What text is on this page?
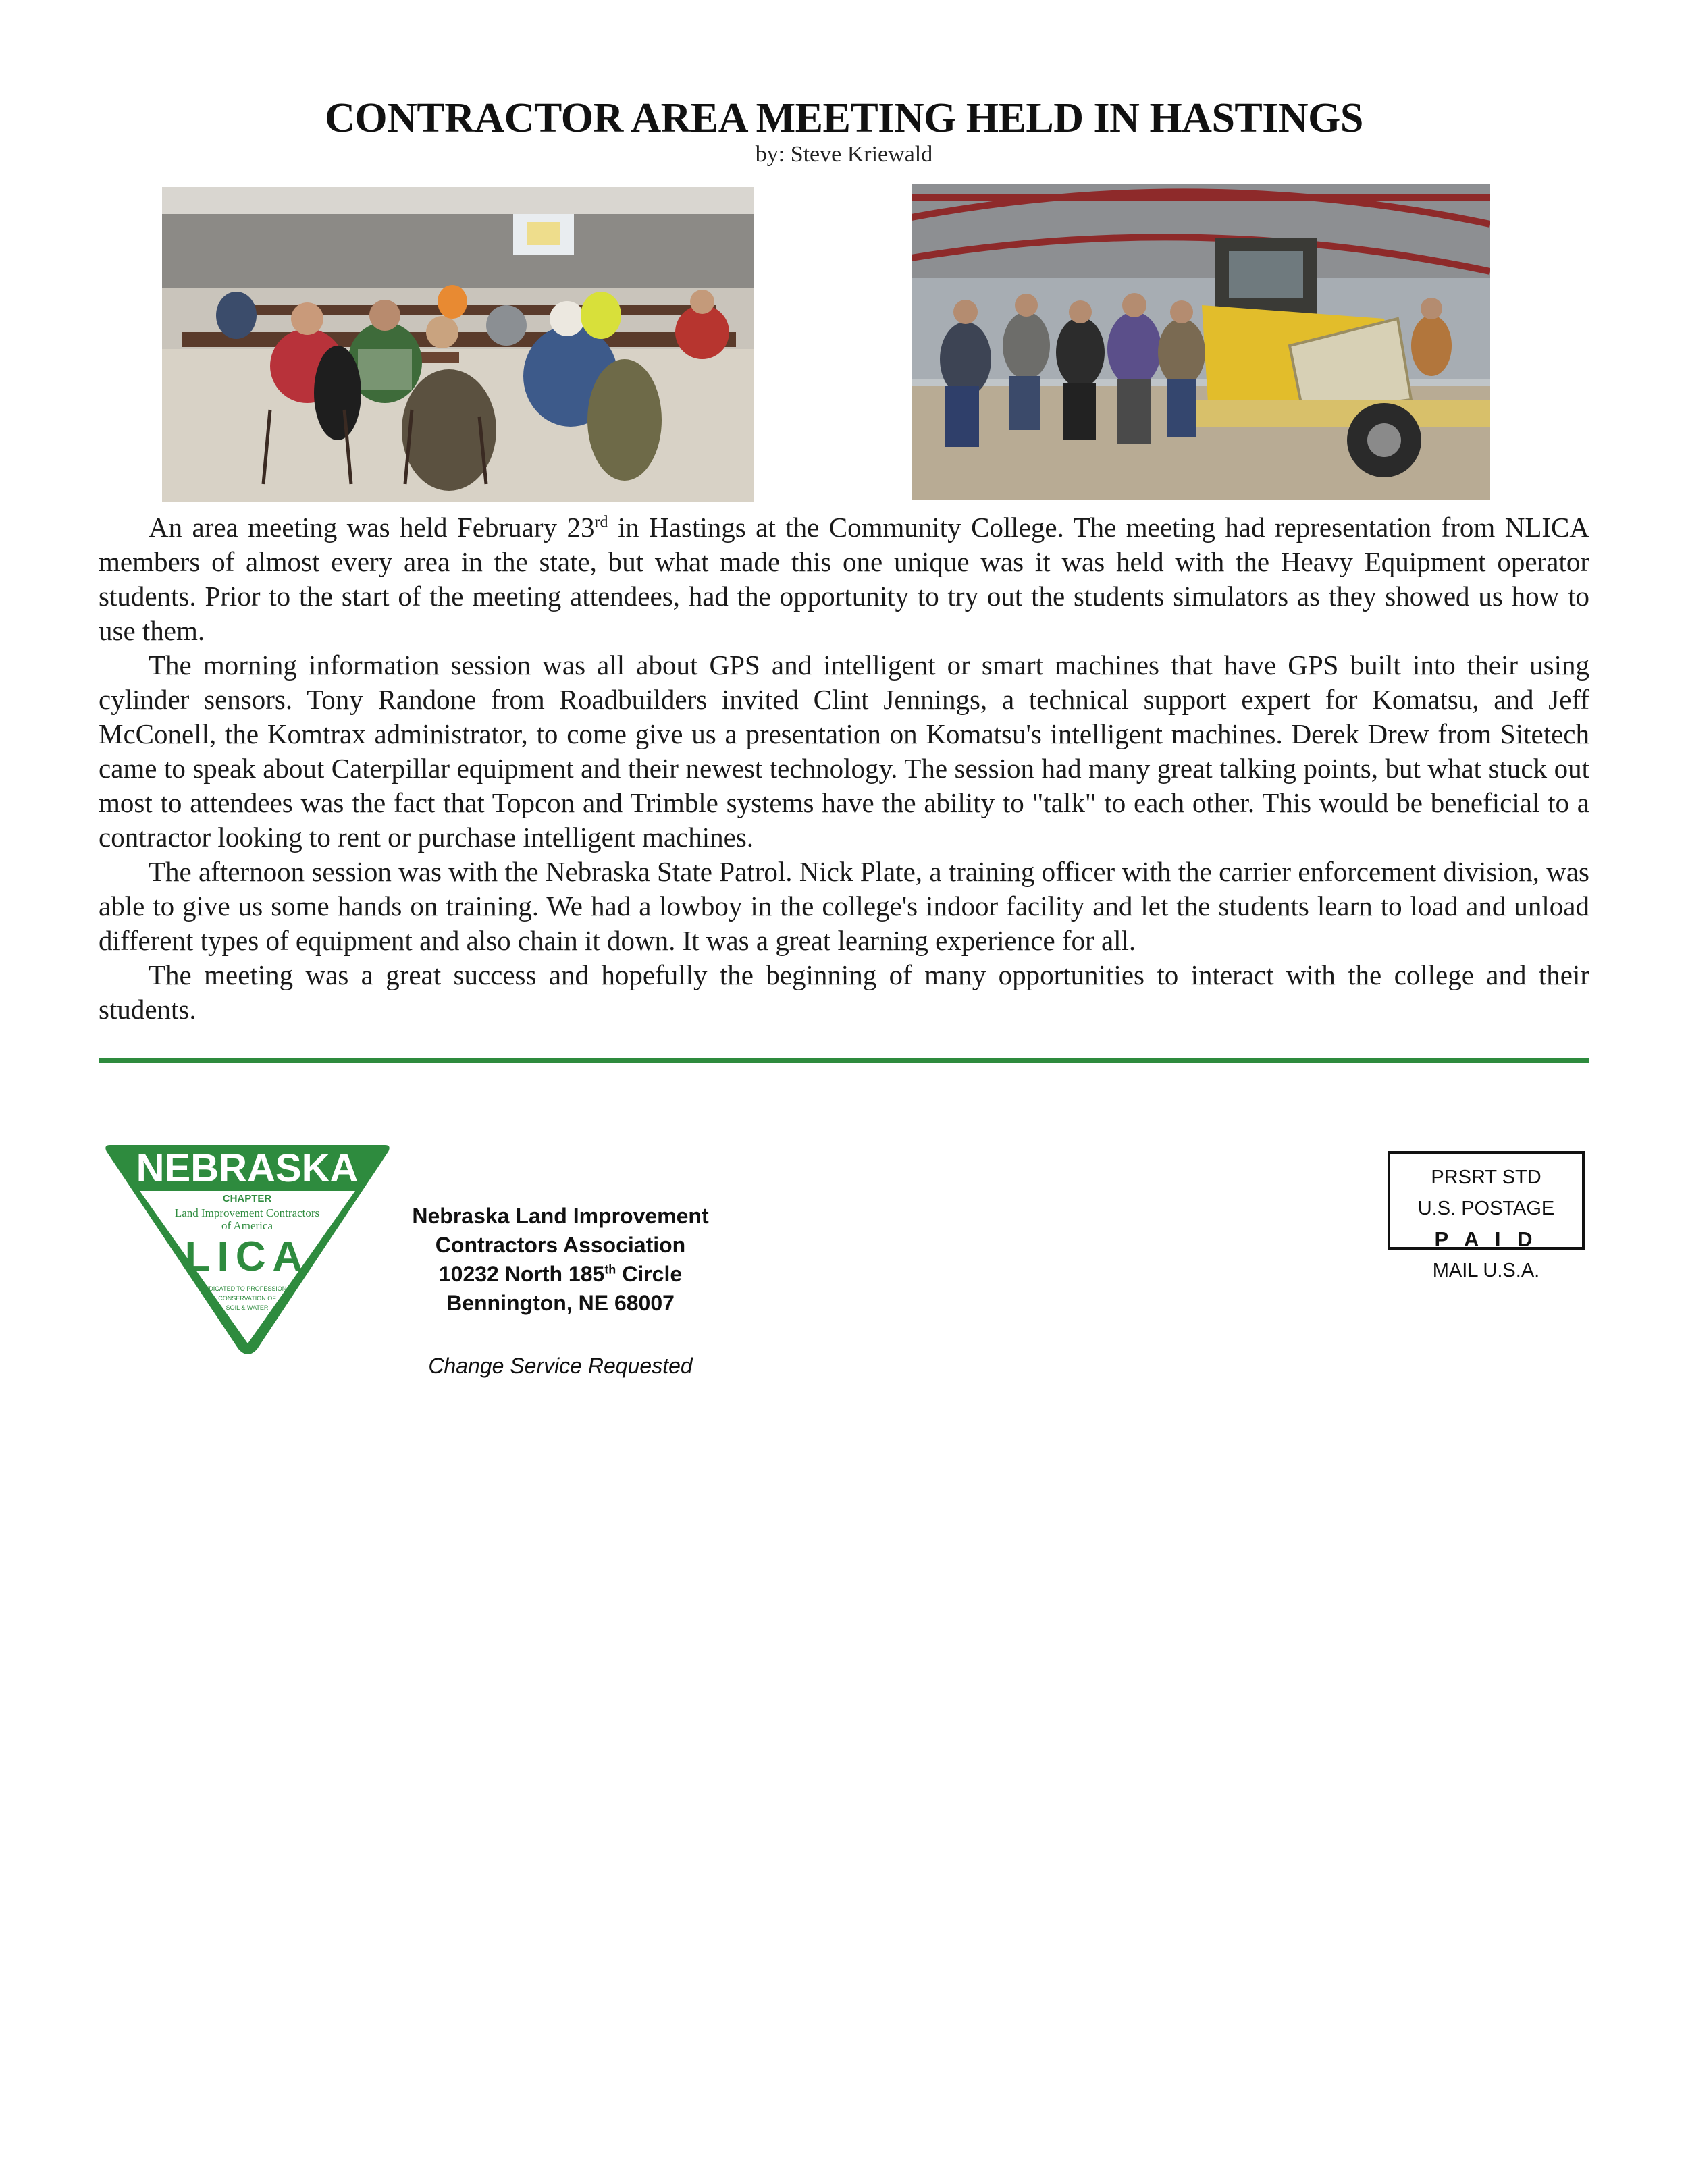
CONTRACTOR AREA MEETING HELD IN HASTINGS
by: Steve Kriewald

An area meeting was held February 23rd in Hastings at the Community College. The meeting had representation from NLICA members of almost every area in the state, but what made this one unique was it was held with the Heavy Equipment operator students. Prior to the start of the meeting attendees, had the opportunity to try out the students simulators as they showed us how to use them.

The morning information session was all about GPS and intelligent or smart machines that have GPS built into their using cylinder sensors. Tony Randone from Roadbuilders invited Clint Jennings, a technical support expert for Komatsu, and Jeff McConell, the Komtrax administrator, to come give us a presentation on Komatsu's intelligent machines. Derek Drew from Sitetech came to speak about Caterpillar equipment and their newest technology. The session had many great talking points, but what stuck out most to attendees was the fact that Topcon and Trimble systems have the ability to "talk" to each other. This would be beneficial to a contractor looking to rent or purchase intelligent machines.

The afternoon session was with the Nebraska State Patrol. Nick Plate, a training officer with the carrier enforcement division, was able to give us some hands on training. We had a lowboy in the college's indoor facility and let the students learn to load and unload different types of equipment and also chain it down. It was a great learning experience for all.

The meeting was a great success and hopefully the beginning of many opportunities to interact with the college and their students.

NEBRASKA
CHAPTER
Land Improvement Contractors
of America
LICA
DEDICATED TO PROFESSIONAL
CONSERVATION OF
SOIL & WATER
Nebraska Land Improvement
Contractors Association
10232 North 185th Circle
Bennington, NE 68007
Change Service Requested
PRSRT STD
U.S. POSTAGE
P A I D
MAIL U.S.A.
